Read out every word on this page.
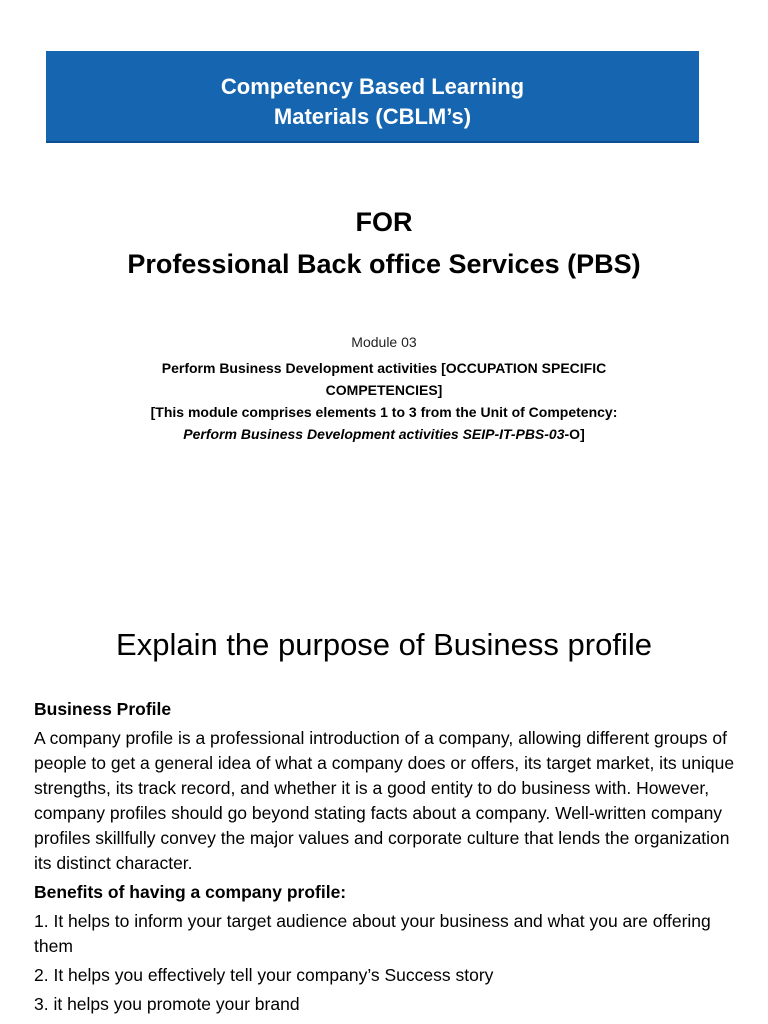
Competency Based Learning
Materials (CBLM’s)
FOR
Professional Back office Services (PBS)
Module 03
Perform Business Development activities [OCCUPATION SPECIFIC COMPETENCIES]
[This module comprises elements 1 to 3 from the Unit of Competency: Perform Business Development activities SEIP-IT-PBS-03-O]
Explain the purpose of Business profile
Business Profile
A company profile is a professional introduction of a company, allowing different groups of people to get a general idea of what a company does or offers, its target market, its unique strengths, its track record, and whether it is a good entity to do business with. However, company profiles should go beyond stating facts about a company. Well-written company profiles skillfully convey the major values and corporate culture that lends the organization its distinct character.
Benefits of having a company profile:
1. It helps to inform your target audience about your business and what you are offering them
2. It helps you effectively tell your company’s Success story
3. it helps you promote your brand
